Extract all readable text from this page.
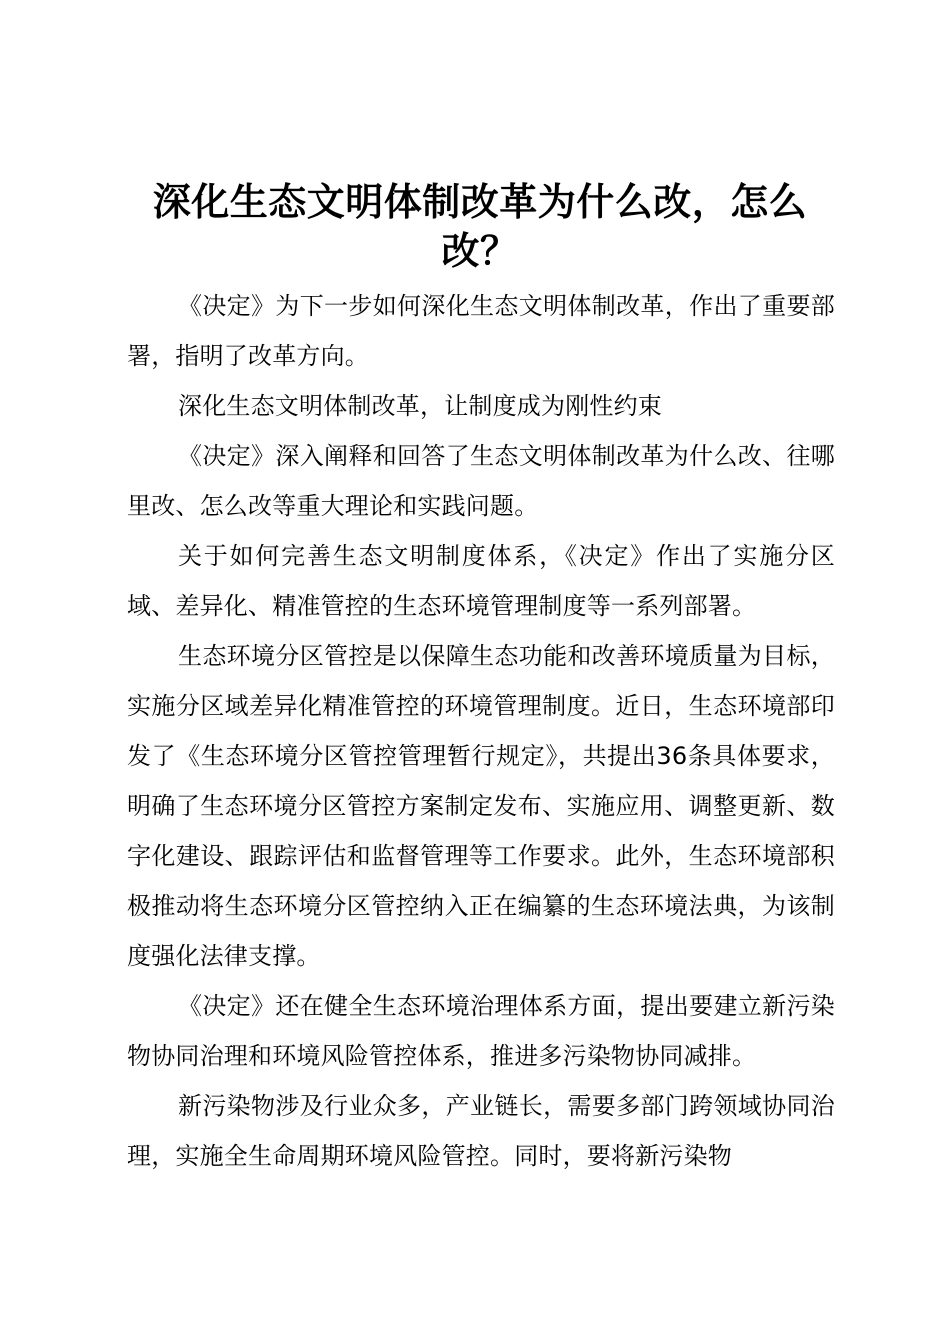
深化生态文明体制改革为什么改，怎么改？

《决定》为下一步如何深化生态文明体制改革，作出了重要部署，指明了改革方向。

深化生态文明体制改革，让制度成为刚性约束

《决定》深入阐释和回答了生态文明体制改革为什么改、往哪里改、怎么改等重大理论和实践问题。

关于如何完善生态文明制度体系，《决定》作出了实施分区域、差异化、精准管控的生态环境管理制度等一系列部署。

生态环境分区管控是以保障生态功能和改善环境质量为目标，实施分区域差异化精准管控的环境管理制度。近日，生态环境部印发了《生态环境分区管控管理暂行规定》，共提出36条具体要求，明确了生态环境分区管控方案制定发布、实施应用、调整更新、数字化建设、跟踪评估和监督管理等工作要求。此外，生态环境部积极推动将生态环境分区管控纳入正在编纂的生态环境法典，为该制度强化法律支撑。

《决定》还在健全生态环境治理体系方面，提出要建立新污染物协同治理和环境风险管控体系，推进多污染物协同减排。

新污染物涉及行业众多，产业链长，需要多部门跨领域协同治理，实施全生命周期环境风险管控。同时，要将新污染物
